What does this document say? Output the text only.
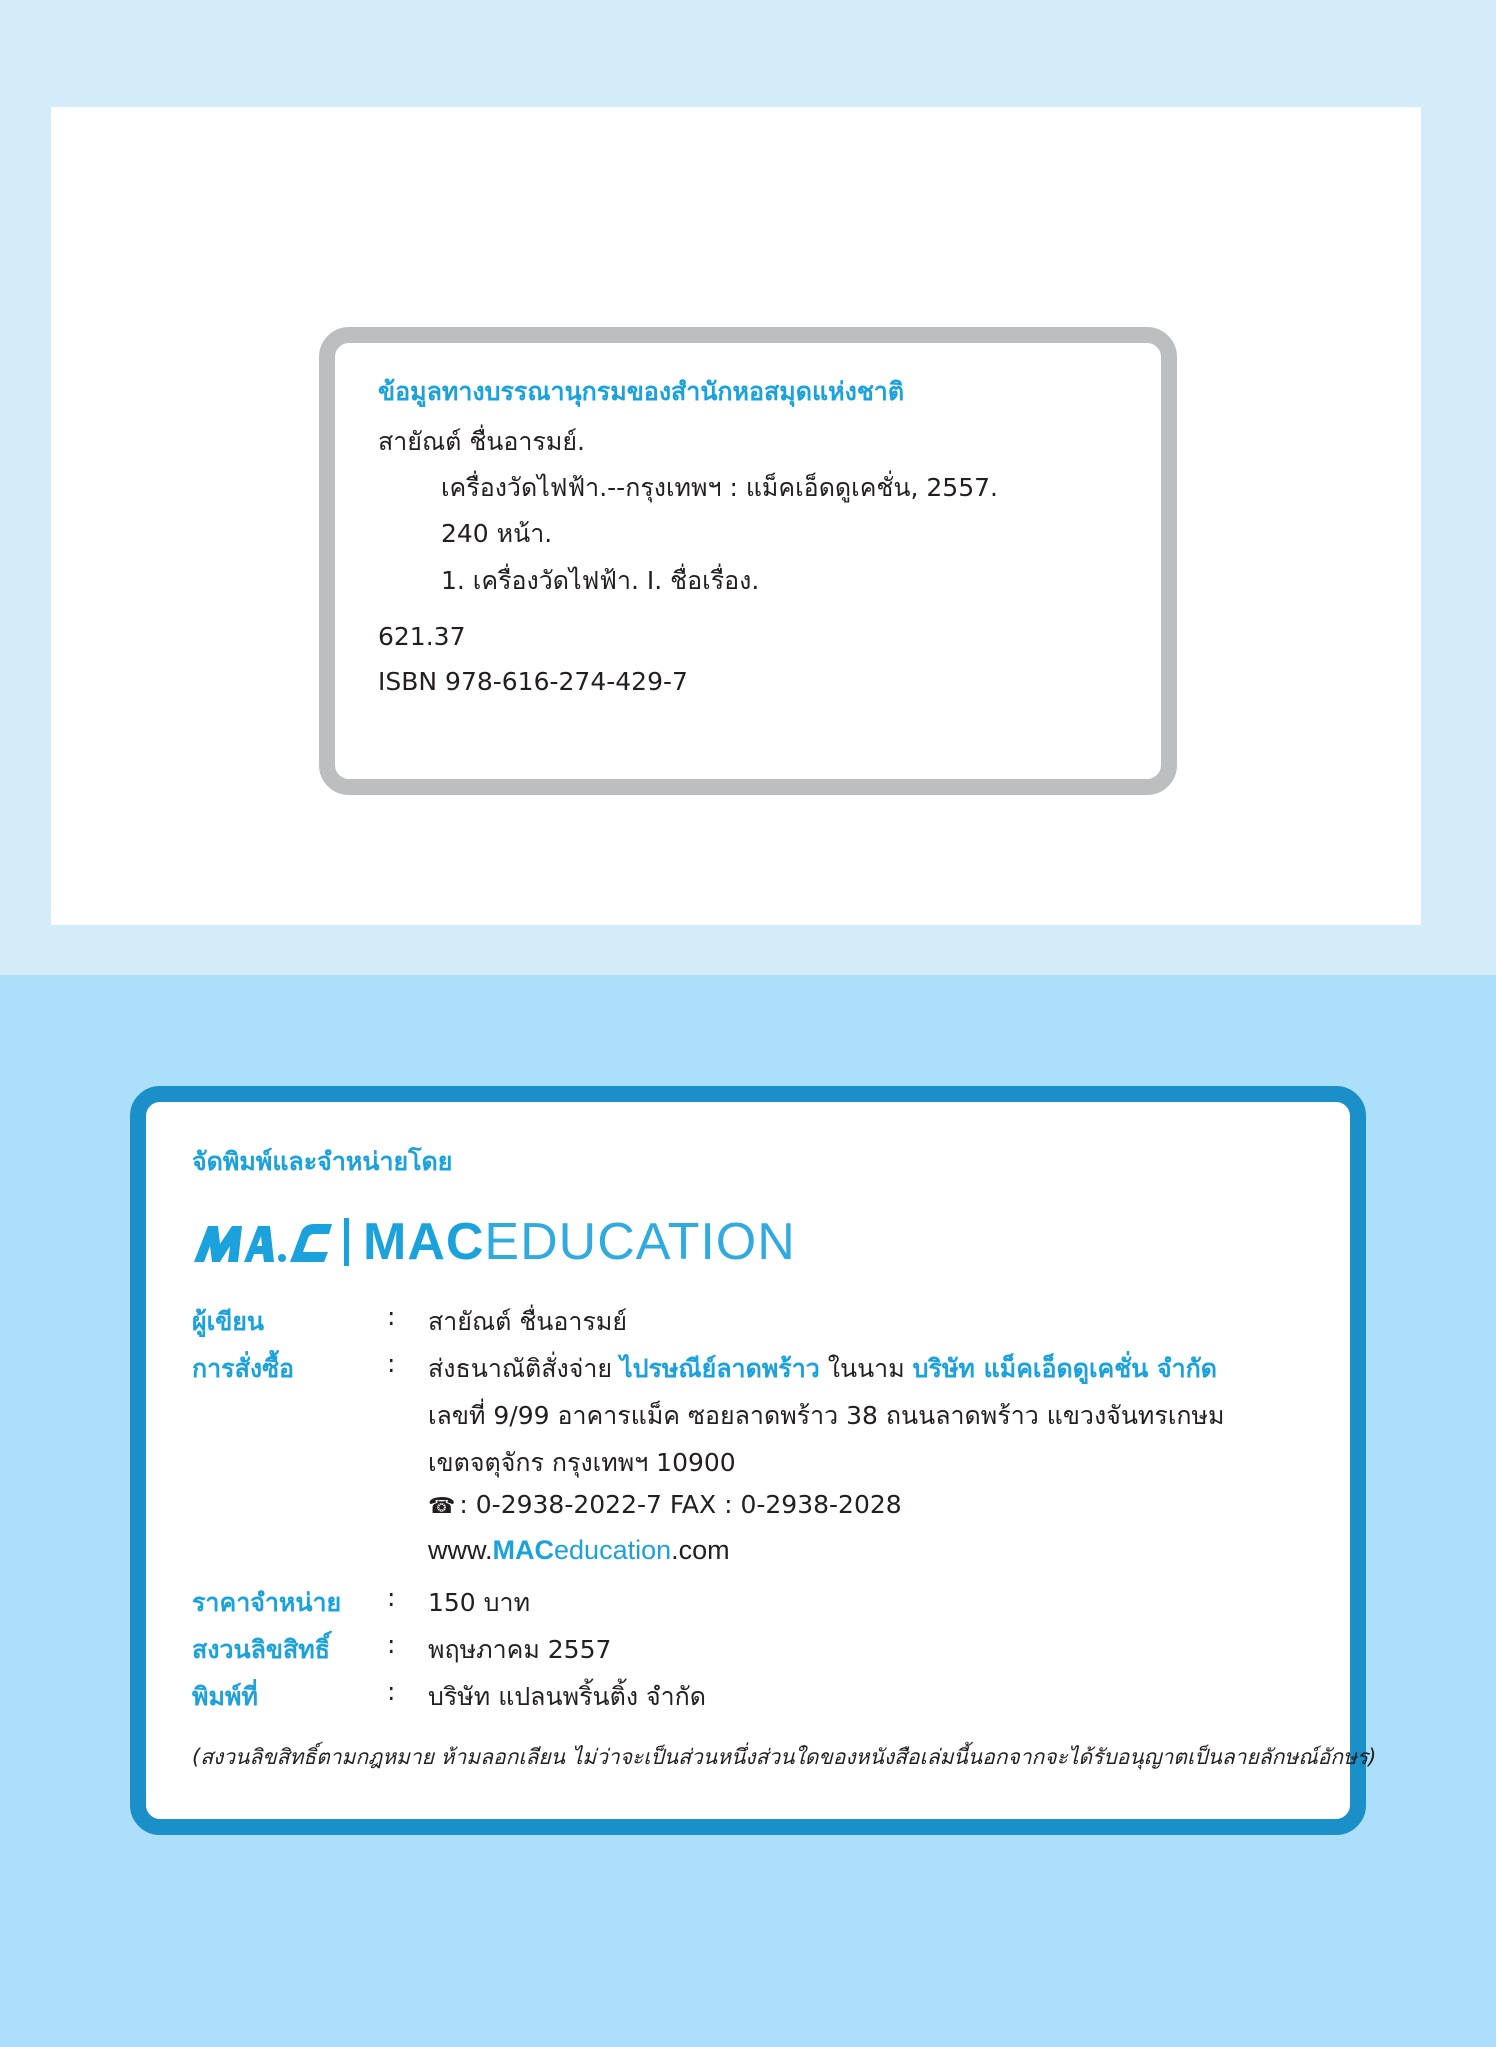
ข้อมูลทางบรรณานุกรมของสำนักหอสมุดแห่งชาติ
สายัณต์ ชื่นอารมย์.
เครื่องวัดไฟฟ้า.--กรุงเทพฯ : แม็คเอ็ดดูเคชั่น, 2557.
240 หน้า.
1. เครื่องวัดไฟฟ้า. I. ชื่อเรื่อง.
621.37
ISBN 978-616-274-429-7
จัดพิมพ์และจำหน่ายโดย
MACEDUCATION
ผู้เขียน	: สายัณต์ ชื่นอารมย์
การสั่งซื้อ	: ส่งธนาณัติสั่งจ่าย ไปรษณีย์ลาดพร้าว ในนาม บริษัท แม็คเอ็ดดูเคชั่น จำกัด
เลขที่ 9/99 อาคารแม็ค ซอยลาดพร้าว 38 ถนนลาดพร้าว แขวงจันทรเกษม
เขตจตุจักร กรุงเทพฯ 10900
☎ : 0-2938-2022-7 FAX : 0-2938-2028
www.MACeducation.com
ราคาจำหน่าย : 150 บาท
สงวนลิขสิทธิ์ : พฤษภาคม 2557
พิมพ์ที่	: บริษัท แปลนพริ้นติ้ง จำกัด
(สงวนลิขสิทธิ์ตามกฎหมาย ห้ามลอกเลียน ไม่ว่าจะเป็นส่วนหนึ่งส่วนใดของหนังสือเล่มนี้นอกจากจะได้รับอนุญาตเป็นลายลักษณ์อักษร)
